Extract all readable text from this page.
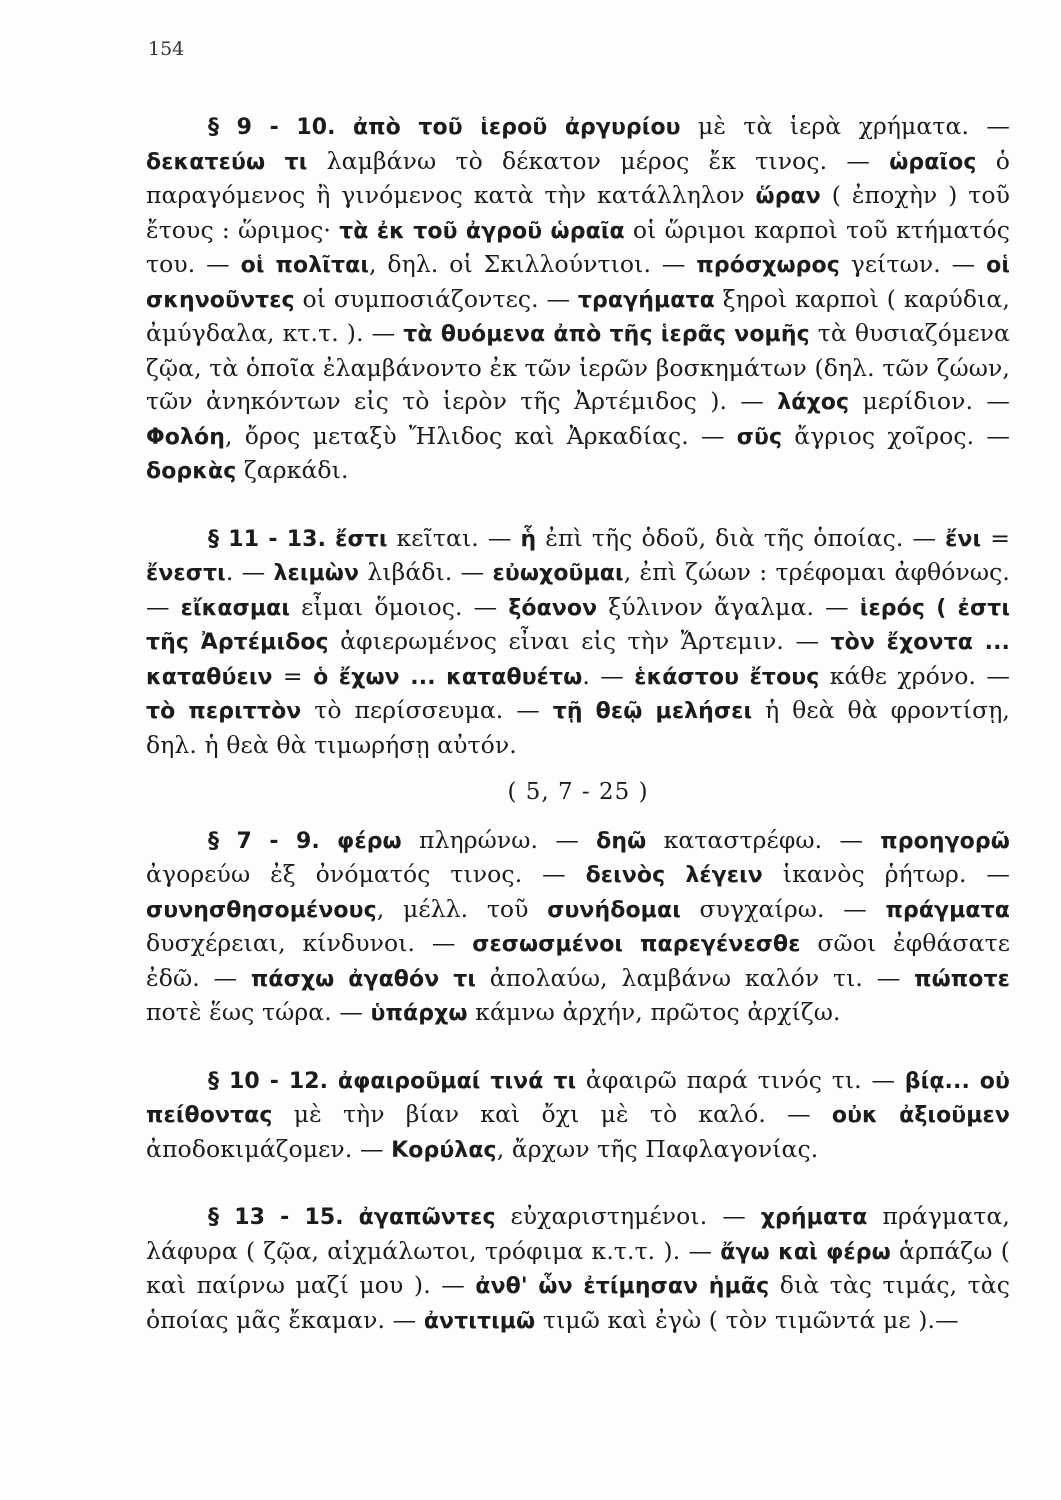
154

§ 9 - 10. ἀπὸ τοῦ ἱεροῦ ἀργυρίου μὲ τὰ ἱερὰ χρήματα. — δεκατεύω τι λαμβάνω τὸ δέκατον μέρος ἔκ τινος. — ὡραῖος ὁ παραγόμενος ἢ γινόμενος κατὰ τὴν κατάλληλον ὥραν ( ἐποχὴν ) τοῦ ἔτους : ὥριμος· τὰ ἐκ τοῦ ἀγροῦ ὡραῖα οἱ ὥριμοι καρποὶ τοῦ κτήματός του. — οἱ πολῖται, δηλ. οἱ Σκιλλούντιοι. — πρόσχωρος γείτων. — οἱ σκηνοῦντες οἱ συμποσιάζοντες. — τραγήματα ξηροὶ καρποὶ ( καρύδια, ἀμύγδαλα, κτ.τ. ). — τὰ θυόμενα ἀπὸ τῆς ἱερᾶς νομῆς τὰ θυσιαζόμενα ζῷα, τὰ ὁποῖα ἐλαμβάνοντο ἐκ τῶν ἱερῶν βοσκημάτων (δηλ. τῶν ζώων, τῶν ἀνηκόντων εἰς τὸ ἱερὸν τῆς Ἀρτέμιδος ). — λάχος μερίδιον. — Φολόη, ὄρος μεταξὺ Ἤλιδος καὶ Ἀρκαδίας. — σῦς ἄγριος χοῖρος. — δορκὰς ζαρκάδι.

§ 11 - 13. ἔστι κεῖται. — ἧ ἐπὶ τῆς ὁδοῦ, διὰ τῆς ὁποίας. — ἔνι = ἔνεστι. — λειμὼν λιβάδι. — εὐωχοῦμαι, ἐπὶ ζώων : τρέφομαι ἀφθόνως. — εἴκασμαι εἶμαι ὅμοιος. — ξόανον ξύλινον ἄγαλμα. — ἱερός ( ἐστι τῆς Ἀρτέμιδος ἀφιερωμένος εἶναι εἰς τὴν Ἄρτεμιν. — τὸν ἔχοντα ... καταθύειν = ὁ ἔχων ... καταθυέτω. — ἑκάστου ἔτους κάθε χρόνο. — τὸ περιττὸν τὸ περίσσευμα. — τῇ θεῷ μελήσει ἡ θεὰ θὰ φροντίσῃ, δηλ. ἡ θεὰ θὰ τιμωρήσῃ αὐτόν.

( 5, 7 - 25 )

§ 7 - 9. φέρω πληρώνω. — δηῶ καταστρέφω. — προηγορῶ ἀγορεύω ἐξ ὀνόματός τινος. — δεινὸς λέγειν ἱκανὸς ῥήτωρ. — συνησθησομένους, μέλλ. τοῦ συνήδομαι συγχαίρω. — πράγματα δυσχέρειαι, κίνδυνοι. — σεσωσμένοι παρεγένεσθε σῶοι ἐφθάσατε ἐδῶ. — πάσχω ἀγαθόν τι ἀπολαύω, λαμβάνω καλόν τι. — πώποτε ποτὲ ἕως τώρα. — ὑπάρχω κάμνω ἀρχήν, πρῶτος ἀρχίζω.

§ 10 - 12. ἀφαιροῦμαί τινά τι ἀφαιρῶ παρά τινός τι. — βίᾳ... οὐ πείθοντας μὲ τὴν βίαν καὶ ὄχι μὲ τὸ καλό. — οὐκ ἀξιοῦμεν ἀποδοκιμάζομεν. — Κορύλας, ἄρχων τῆς Παφλαγονίας.

§ 13 - 15. ἀγαπῶντες εὐχαριστημένοι. — χρήματα πράγματα, λάφυρα ( ζῷα, αἰχμάλωτοι, τρόφιμα κ.τ.τ. ). — ἄγω καὶ φέρω ἁρπάζω ( καὶ παίρνω μαζί μου ). — ἀνθ' ὧν ἐτίμησαν ἡμᾶς διὰ τὰς τιμάς, τὰς ὁποίας μᾶς ἔκαμαν. — ἀντιτιμῶ τιμῶ καὶ ἐγὼ ( τὸν τιμῶντά με ).—
